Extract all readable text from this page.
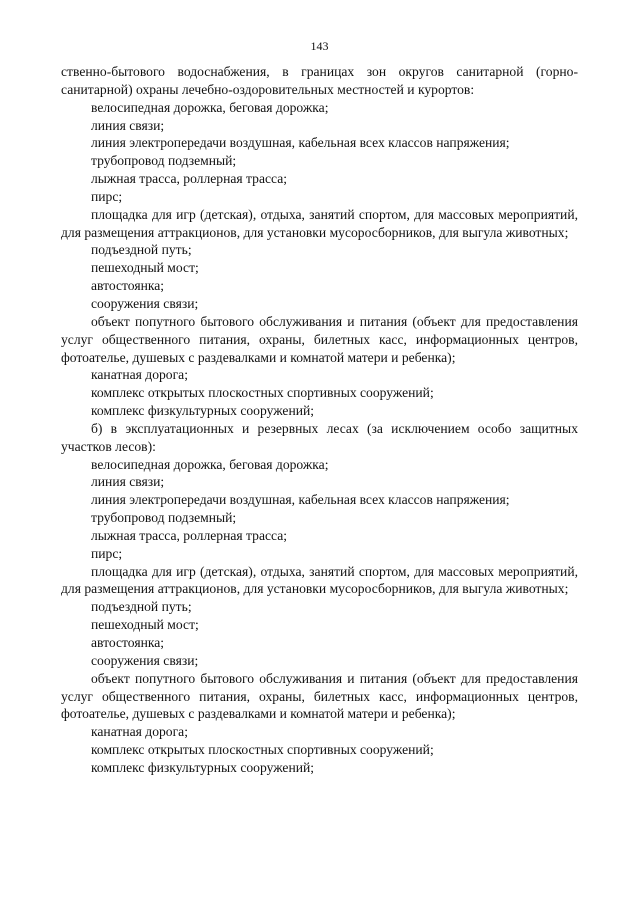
143

ственно-бытового водоснабжения, в границах зон округов санитарной (горно-санитарной) охраны лечебно-оздоровительных местностей и курортов:

велосипедная дорожка, беговая дорожка;

линия связи;

линия электропередачи воздушная, кабельная всех классов напряжения;

трубопровод подземный;

лыжная трасса, роллерная трасса;

пирс;

площадка для игр (детская), отдыха, занятий спортом, для массовых мероприятий, для размещения аттракционов, для установки мусоросборников, для выгула животных;

подъездной путь;

пешеходный мост;

автостоянка;

сооружения связи;

объект попутного бытового обслуживания и питания (объект для предоставления услуг общественного питания, охраны, билетных касс, информационных центров, фотоателье, душевых с раздевалками и комнатой матери и ребенка);

канатная дорога;

комплекс открытых плоскостных спортивных сооружений;

комплекс физкультурных сооружений;

б) в эксплуатационных и резервных лесах (за исключением особо защитных участков лесов):

велосипедная дорожка, беговая дорожка;

линия связи;

линия электропередачи воздушная, кабельная всех классов напряжения;

трубопровод подземный;

лыжная трасса, роллерная трасса;

пирс;

площадка для игр (детская), отдыха, занятий спортом, для массовых мероприятий, для размещения аттракционов, для установки мусоросборников, для выгула животных;

подъездной путь;

пешеходный мост;

автостоянка;

сооружения связи;

объект попутного бытового обслуживания и питания (объект для предоставления услуг общественного питания, охраны, билетных касс, информационных центров, фотоателье, душевых с раздевалками и комнатой матери и ребенка);

канатная дорога;

комплекс открытых плоскостных спортивных сооружений;

комплекс физкультурных сооружений;
